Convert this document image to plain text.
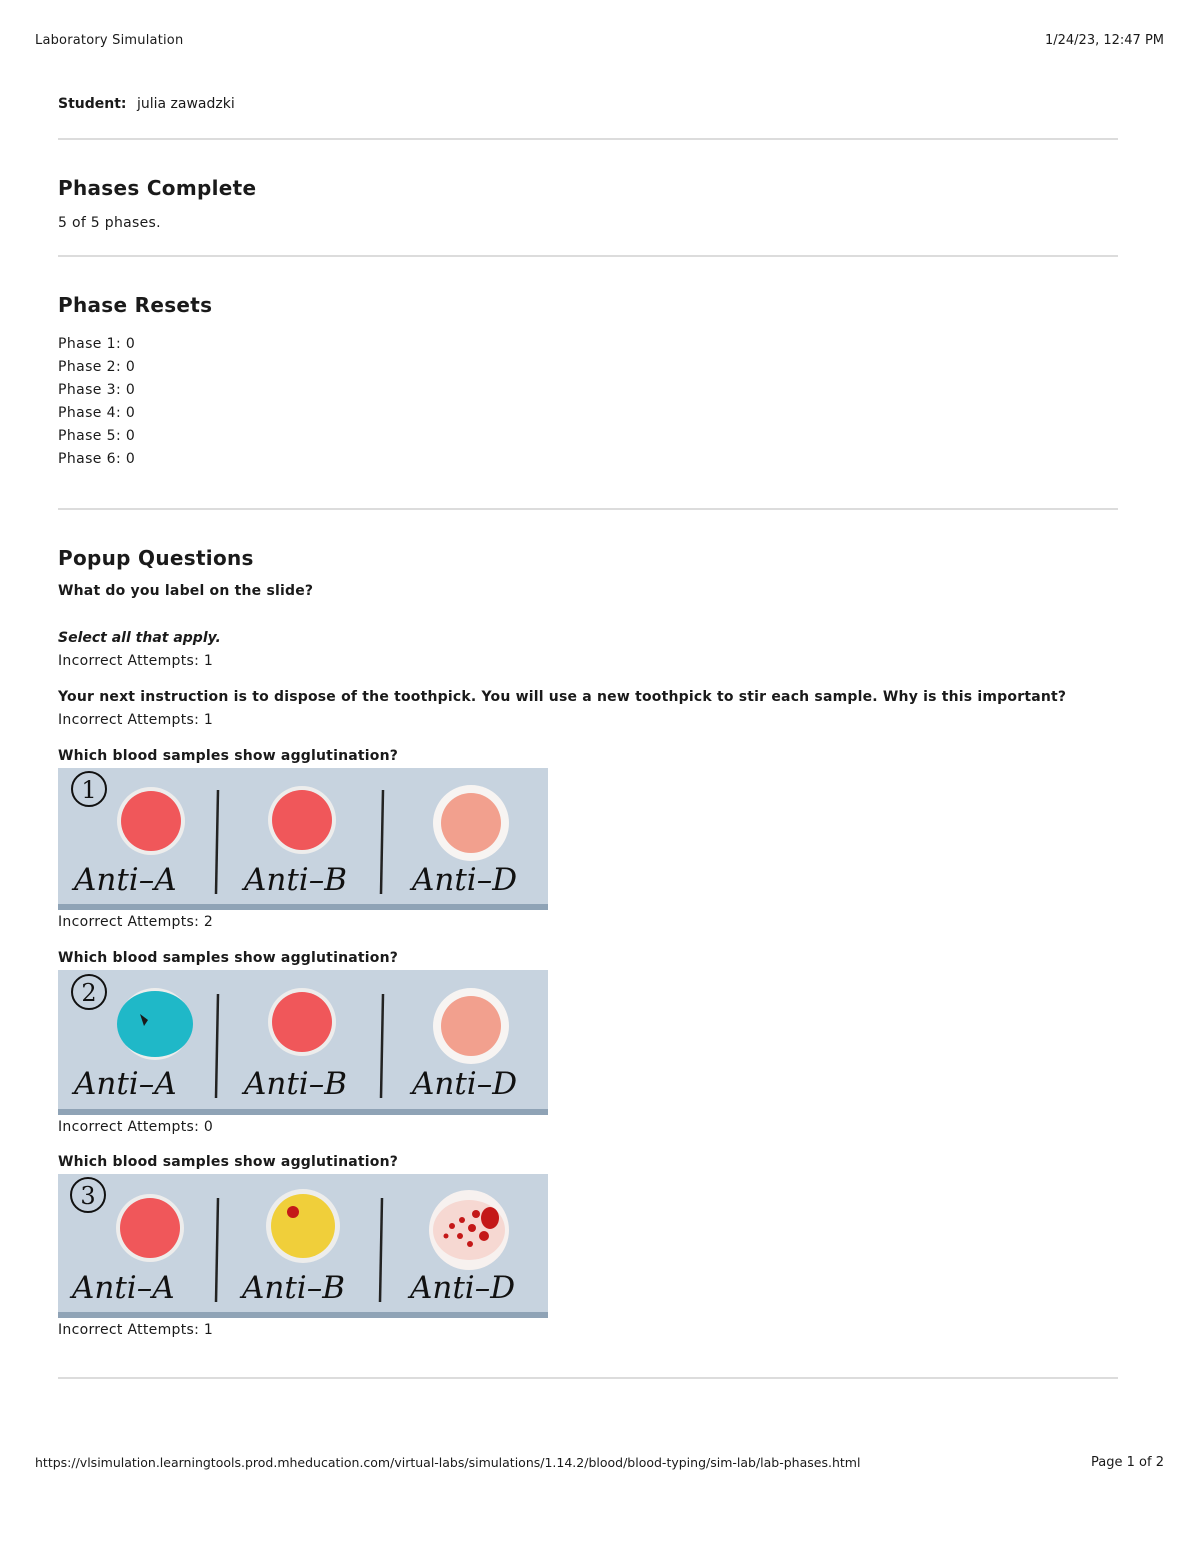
Laboratory Simulation	1/24/23, 12:47 PM
Student: julia zawadzki
Phases Complete
5 of 5 phases.
Phase Resets
Phase 1: 0
Phase 2: 0
Phase 3: 0
Phase 4: 0
Phase 5: 0
Phase 6: 0
Popup Questions
What do you label on the slide?
Select all that apply.
Incorrect Attempts: 1
Your next instruction is to dispose of the toothpick. You will use a new toothpick to stir each sample. Why is this important?
Incorrect Attempts: 1
Which blood samples show agglutination?
1
Anti–A Anti–B Anti–D
Incorrect Attempts: 2
Which blood samples show agglutination?
2
Anti–A Anti–B Anti–D
Incorrect Attempts: 0
Which blood samples show agglutination?
3
Anti–A Anti–B Anti–D
Incorrect Attempts: 1
https://vlsimulation.learningtools.prod.mheducation.com/virtual-labs/simulations/1.14.2/blood/blood-typing/sim-lab/lab-phases.html	Page 1 of 2
